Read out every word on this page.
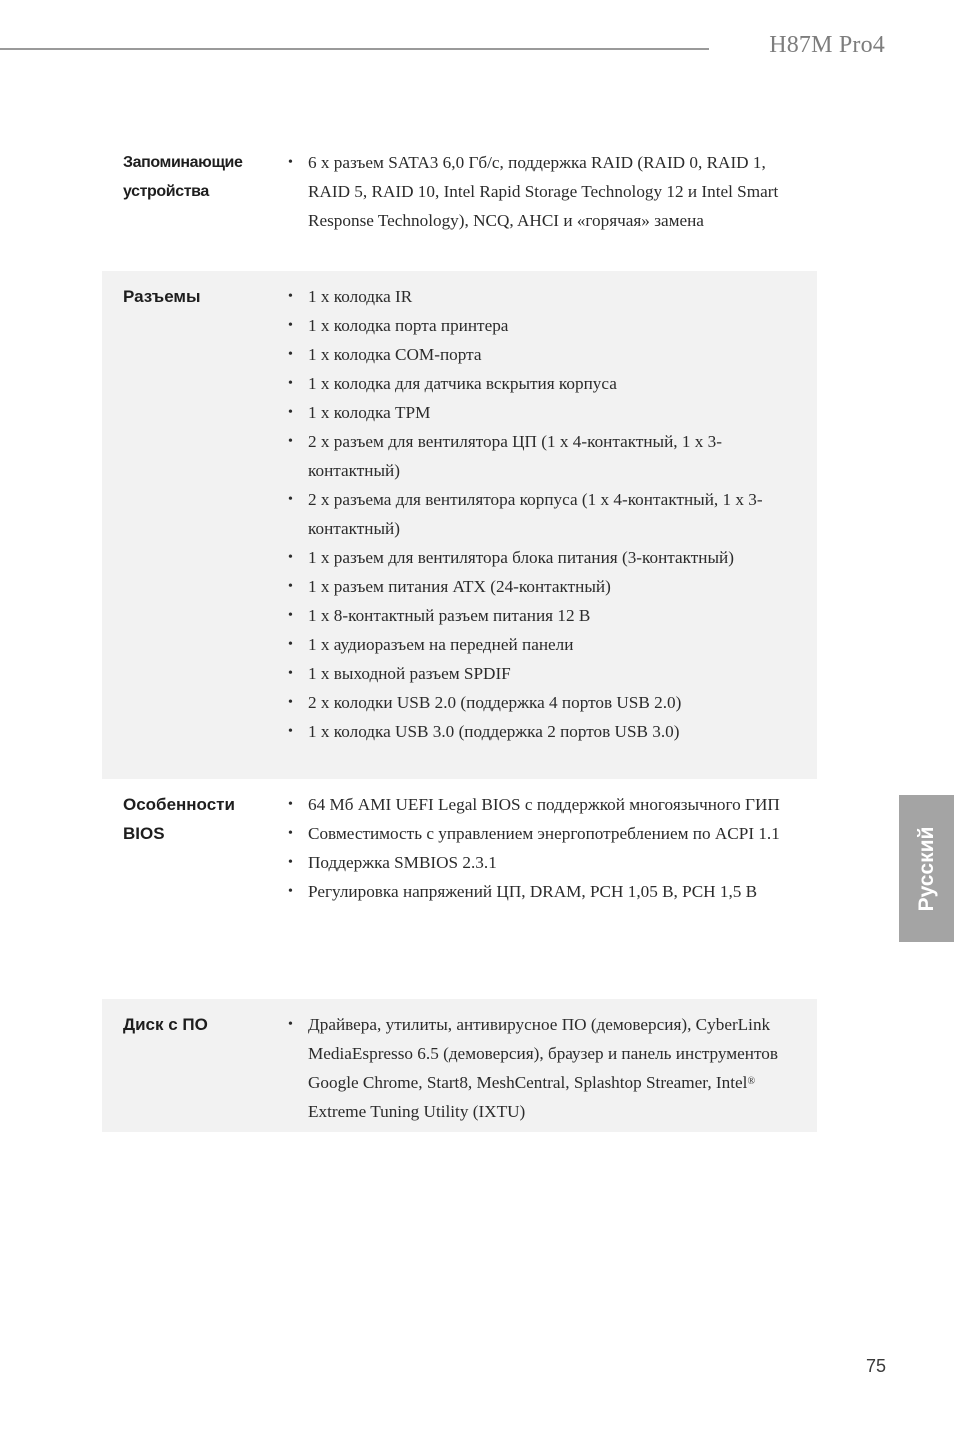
H87M Pro4
Запоминающие устройства
• 6 x разъем SATA3 6,0 Гб/с, поддержка RAID (RAID 0, RAID 1, RAID 5, RAID 10, Intel Rapid Storage Technology 12 и Intel Smart Response Technology), NCQ, AHCI и «горячая» замена
Разъемы	• 1 x колодка IR
• 1 x колодка порта принтера
• 1 x колодка COM-порта
• 1 x колодка для датчика вскрытия корпуса
• 1 x колодка TPM
• 2 x разъем для вентилятора ЦП (1 x 4-контактный, 1 x 3-контактный)
• 2 x разъема для вентилятора корпуса (1 x 4-контактный, 1 x 3-контактный)
• 1 x разъем для вентилятора блока питания (3-контактный)
• 1 x разъем питания ATX (24-контактный)
• 1 x 8-контактный разъем питания 12 В
• 1 x аудиоразъем на передней панели
• 1 x выходной разъем SPDIF
• 2 x колодки USB 2.0 (поддержка 4 портов USB 2.0)
• 1 x колодка USB 3.0 (поддержка 2 портов USB 3.0)
Особенности BIOS
• 64 Мб AMI UEFI Legal BIOS с поддержкой многоязычного ГИП
• Совместимость с управлением энергопотреблением по ACPI 1.1
• Поддержка SMBIOS 2.3.1
• Регулировка напряжений ЦП, DRAM, PCH 1,05 В, PCH 1,5 В
Диск с ПО	• Драйвера, утилиты, антивирусное ПО (демоверсия), CyberLink MediaEspresso 6.5 (демоверсия), браузер и панель инструментов Google Chrome, Start8, MeshCentral, Splashtop Streamer, Intel® Extreme Tuning Utility (IXTU)
Русский
75
